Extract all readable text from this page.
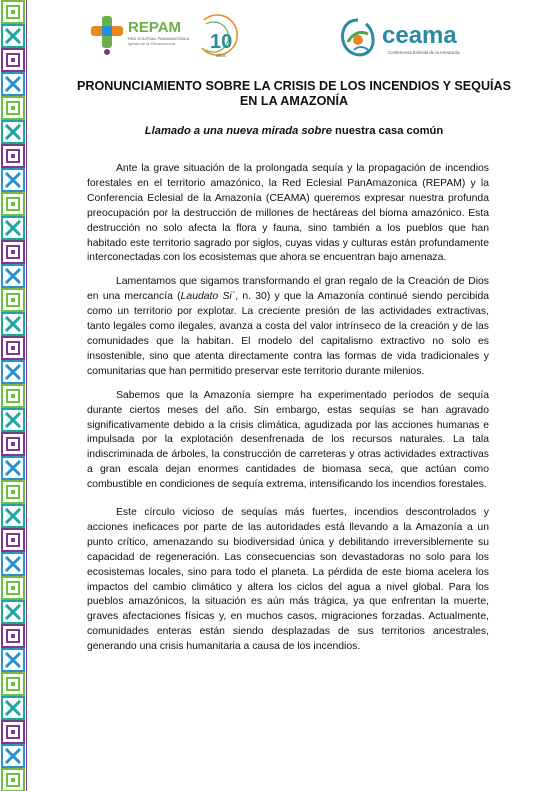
REPAM
RED ECLESIAL PANAMAZÓNICA
Iglesia de la Panamazonía 10
años
ceama
Conferencia Eclesial de la Amazonía
PRONUNCIAMIENTO SOBRE LA CRISIS DE LOS INCENDIOS Y SEQUÍAS EN LA AMAZONÍA

Llamado a una nueva mirada sobre nuestra casa común

Ante la grave situación de la prolongada sequía y la propagación de incendios forestales en el territorio amazónico, la Red Eclesial PanAmazonica (REPAM) y la Conferencia Eclesial de la Amazonía (CEAMA) queremos expresar nuestra profunda preocupación por la destrucción de millones de hectáreas del bioma amazónico. Esta destrucción no solo afecta la flora y fauna, sino también a los pueblos que han habitado este territorio sagrado por siglos, cuyas vidas y culturas están profundamente interconectadas con los ecosistemas que ahora se encuentran bajo amenaza.

Lamentamos que sigamos transformando el gran regalo de la Creación de Dios en una mercancía (Laudato Si´, n. 30) y que la Amazonía continué siendo percibida como un territorio por explotar. La creciente presión de las actividades extractivas, tanto legales como ilegales, avanza a costa del valor intrínseco de la creación y de las comunidades que la habitan. El modelo del capitalismo extractivo no solo es insostenible, sino que atenta directamente contra las formas de vida tradicionales y comunitarias que han permitido preservar este territorio durante milenios.

Sabemos que la Amazonía siempre ha experimentado períodos de sequía durante ciertos meses del año. Sin embargo, estas sequías se han agravado significativamente debido a la crisis climática, agudizada por las acciones humanas e impulsada por la explotación desenfrenada de los recursos naturales. La tala indiscriminada de árboles, la construcción de carreteras y otras actividades extractivas a gran escala dejan enormes cantidades de biomasa seca, que actúan como combustible en condiciones de sequía extrema, intensificando los incendios forestales.

Este círculo vicioso de sequías más fuertes, incendios descontrolados y acciones ineficaces por parte de las autoridades está llevando a la Amazonía a un punto crítico, amenazando su biodiversidad única y debilitando irreversiblemente su capacidad de regeneración. Las consecuencias son devastadoras no solo para los ecosistemas locales, sino para todo el planeta. La pérdida de este bioma acelera los impactos del cambio climático y altera los ciclos del agua a nivel global. Para los pueblos amazónicos, la situación es aún más trágica, ya que enfrentan la muerte, graves afectaciones físicas y, en muchos casos, migraciones forzadas. Actualmente, comunidades enteras están siendo desplazadas de sus territorios ancestrales, generando una crisis humanitaria a causa de los incendios.
